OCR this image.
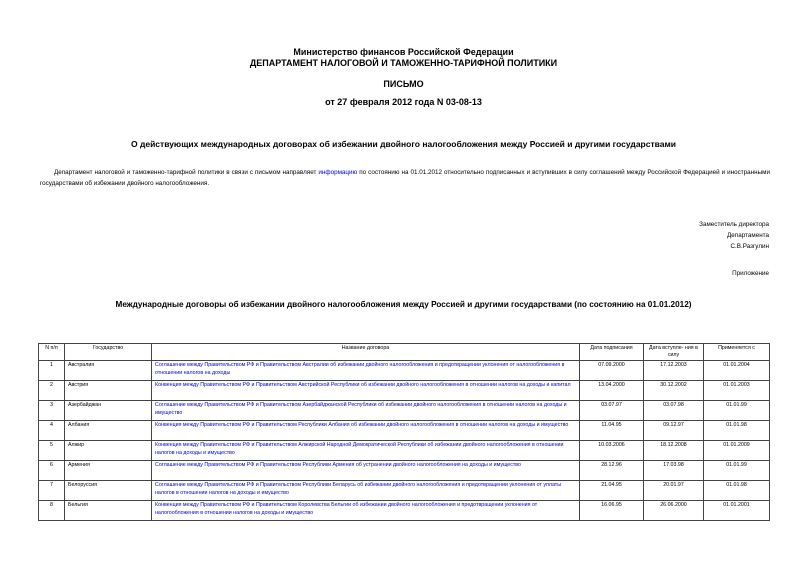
Министерство финансов Российской Федерации
ДЕПАРТАМЕНТ НАЛОГОВОЙ И ТАМОЖЕННО-ТАРИФНОЙ ПОЛИТИКИ
ПИСЬМО
от 27 февраля 2012 года N 03-08-13
О действующих международных договорах об избежании двойного налогообложения между Россией и другими государствами
Департамент налоговой и таможенно-тарифной политики в связи с письмом направляет информацию по состоянию на 01.01.2012 относительно подписанных и вступивших в силу соглашений между Российской Федерацией и иностранными государствами об избежании двойного налогообложения.
Заместитель директора
Департамента
С.В.Разгулин
Приложение
Международные договоры об избежании двойного налогообложения между Россией и другими государствами (по состоянию на 01.01.2012)
N п/п	Государство	Название договора	Дата подписания	Дата вступле- ния в силу	Применяется с
1	Австралия	Соглашение между Правительством РФ и Правительством Австралии об избежании двойного налогообложения и предотвращении уклонения от налогообложения в отношении налогов на доходы	07.09.2000	17.12.2003	01.01.2004
2	Австрия	Конвенция между Правительством РФ и Правительством Австрийской Республики об избежании двойного налогообложения в отношении налогов на доходы и капитал	13.04.2000	30.12.2002	01.01.2003
3	Азербайджан	Соглашение между Правительством РФ и Правительством Азербайджанской Республики об избежании двойного налогообложения в отношении налогов на доходы и имущество	03.07.97	03.07.98	01.01.99
4	Албания	Конвенция между Правительством РФ и Правительством Республики Албания об избежании двойного налогообложения в отношении налогов на доходы и имущество	11.04.95	09.12.97	01.01.98
5	Алжир	Конвенция между Правительством РФ и Правительством Алжирской Народной Демократической Республики об избежании двойного налогообложения в отношении налогов на доходы и имущество	10.03.2006	18.12.2008	01.01.2009
6	Армения	Соглашение между Правительством РФ и Правительством Республики Армения об устранении двойного налогообложения на доходы и имущество	28.12.96	17.03.98	01.01.99
7	Белоруссия	Соглашение между Правительством РФ и Правительством Республики Беларусь об избежании двойного налогообложения и предотвращении уклонения от уплаты налогов в отношении налогов на доходы и имущество	21.04.95	20.01.97	01.01.98
8	Бельгия	Конвенция между Правительством РФ и Правительством Королевства Бельгии об избежании двойного налогообложения и предотвращении уклонения от налогообложения в отношении налогов на доходы и имущество	16.06.95	26.06.2000	01.01.2001
